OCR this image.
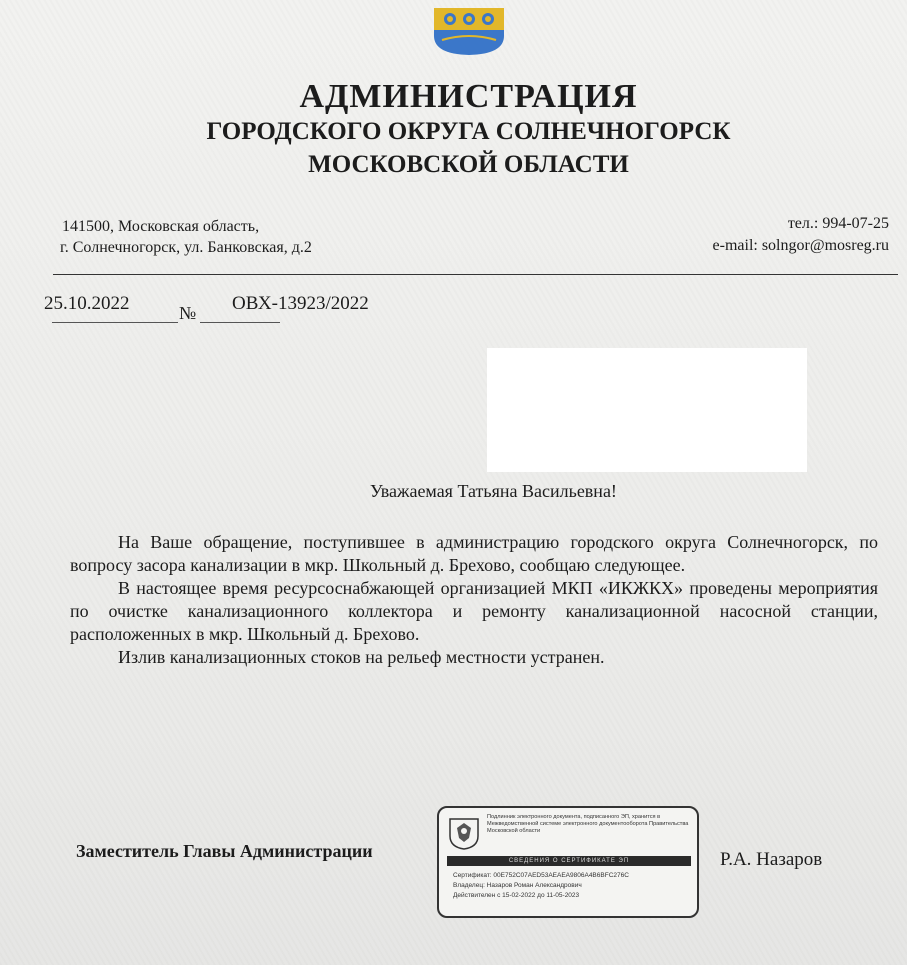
АДМИНИСТРАЦИЯ
ГОРОДСКОГО ОКРУГА СОЛНЕЧНОГОРСК
МОСКОВСКОЙ ОБЛАСТИ
141500, Московская область,
г. Солнечногорск, ул. Банковская, д.2
тел.: 994-07-25
e-mail: solngor@mosreg.ru
25.10.2022	№ ОВХ-13923/2022
Уважаемая Татьяна Васильевна!

На Ваше обращение, поступившее в администрацию городского округа Солнечногорск, по вопросу засора канализации в мкр. Школьный д. Брехово, сообщаю следующее.

В настоящее время ресурсоснабжающей организацией МКП «ИКЖКХ» проведены мероприятия по очистке канализационного коллектора и ремонту канализационной насосной станции, расположенных в мкр. Школьный д. Брехово.

Излив канализационных стоков на рельеф местности устранен.

Заместитель Главы Администрации
Подлинник электронного документа, подписанного ЭП, хранится в Межведомственной системе электронного документооборота Правительства Московской области
СВЕДЕНИЯ О СЕРТИФИКАТЕ ЭП
Сертификат: 00E752C07AED53AEAEA9806A4B6BFC276C
Владелец: Назаров Роман Александрович
Действителен с 15-02-2022 до 11-05-2023
Р.А. Назаров
